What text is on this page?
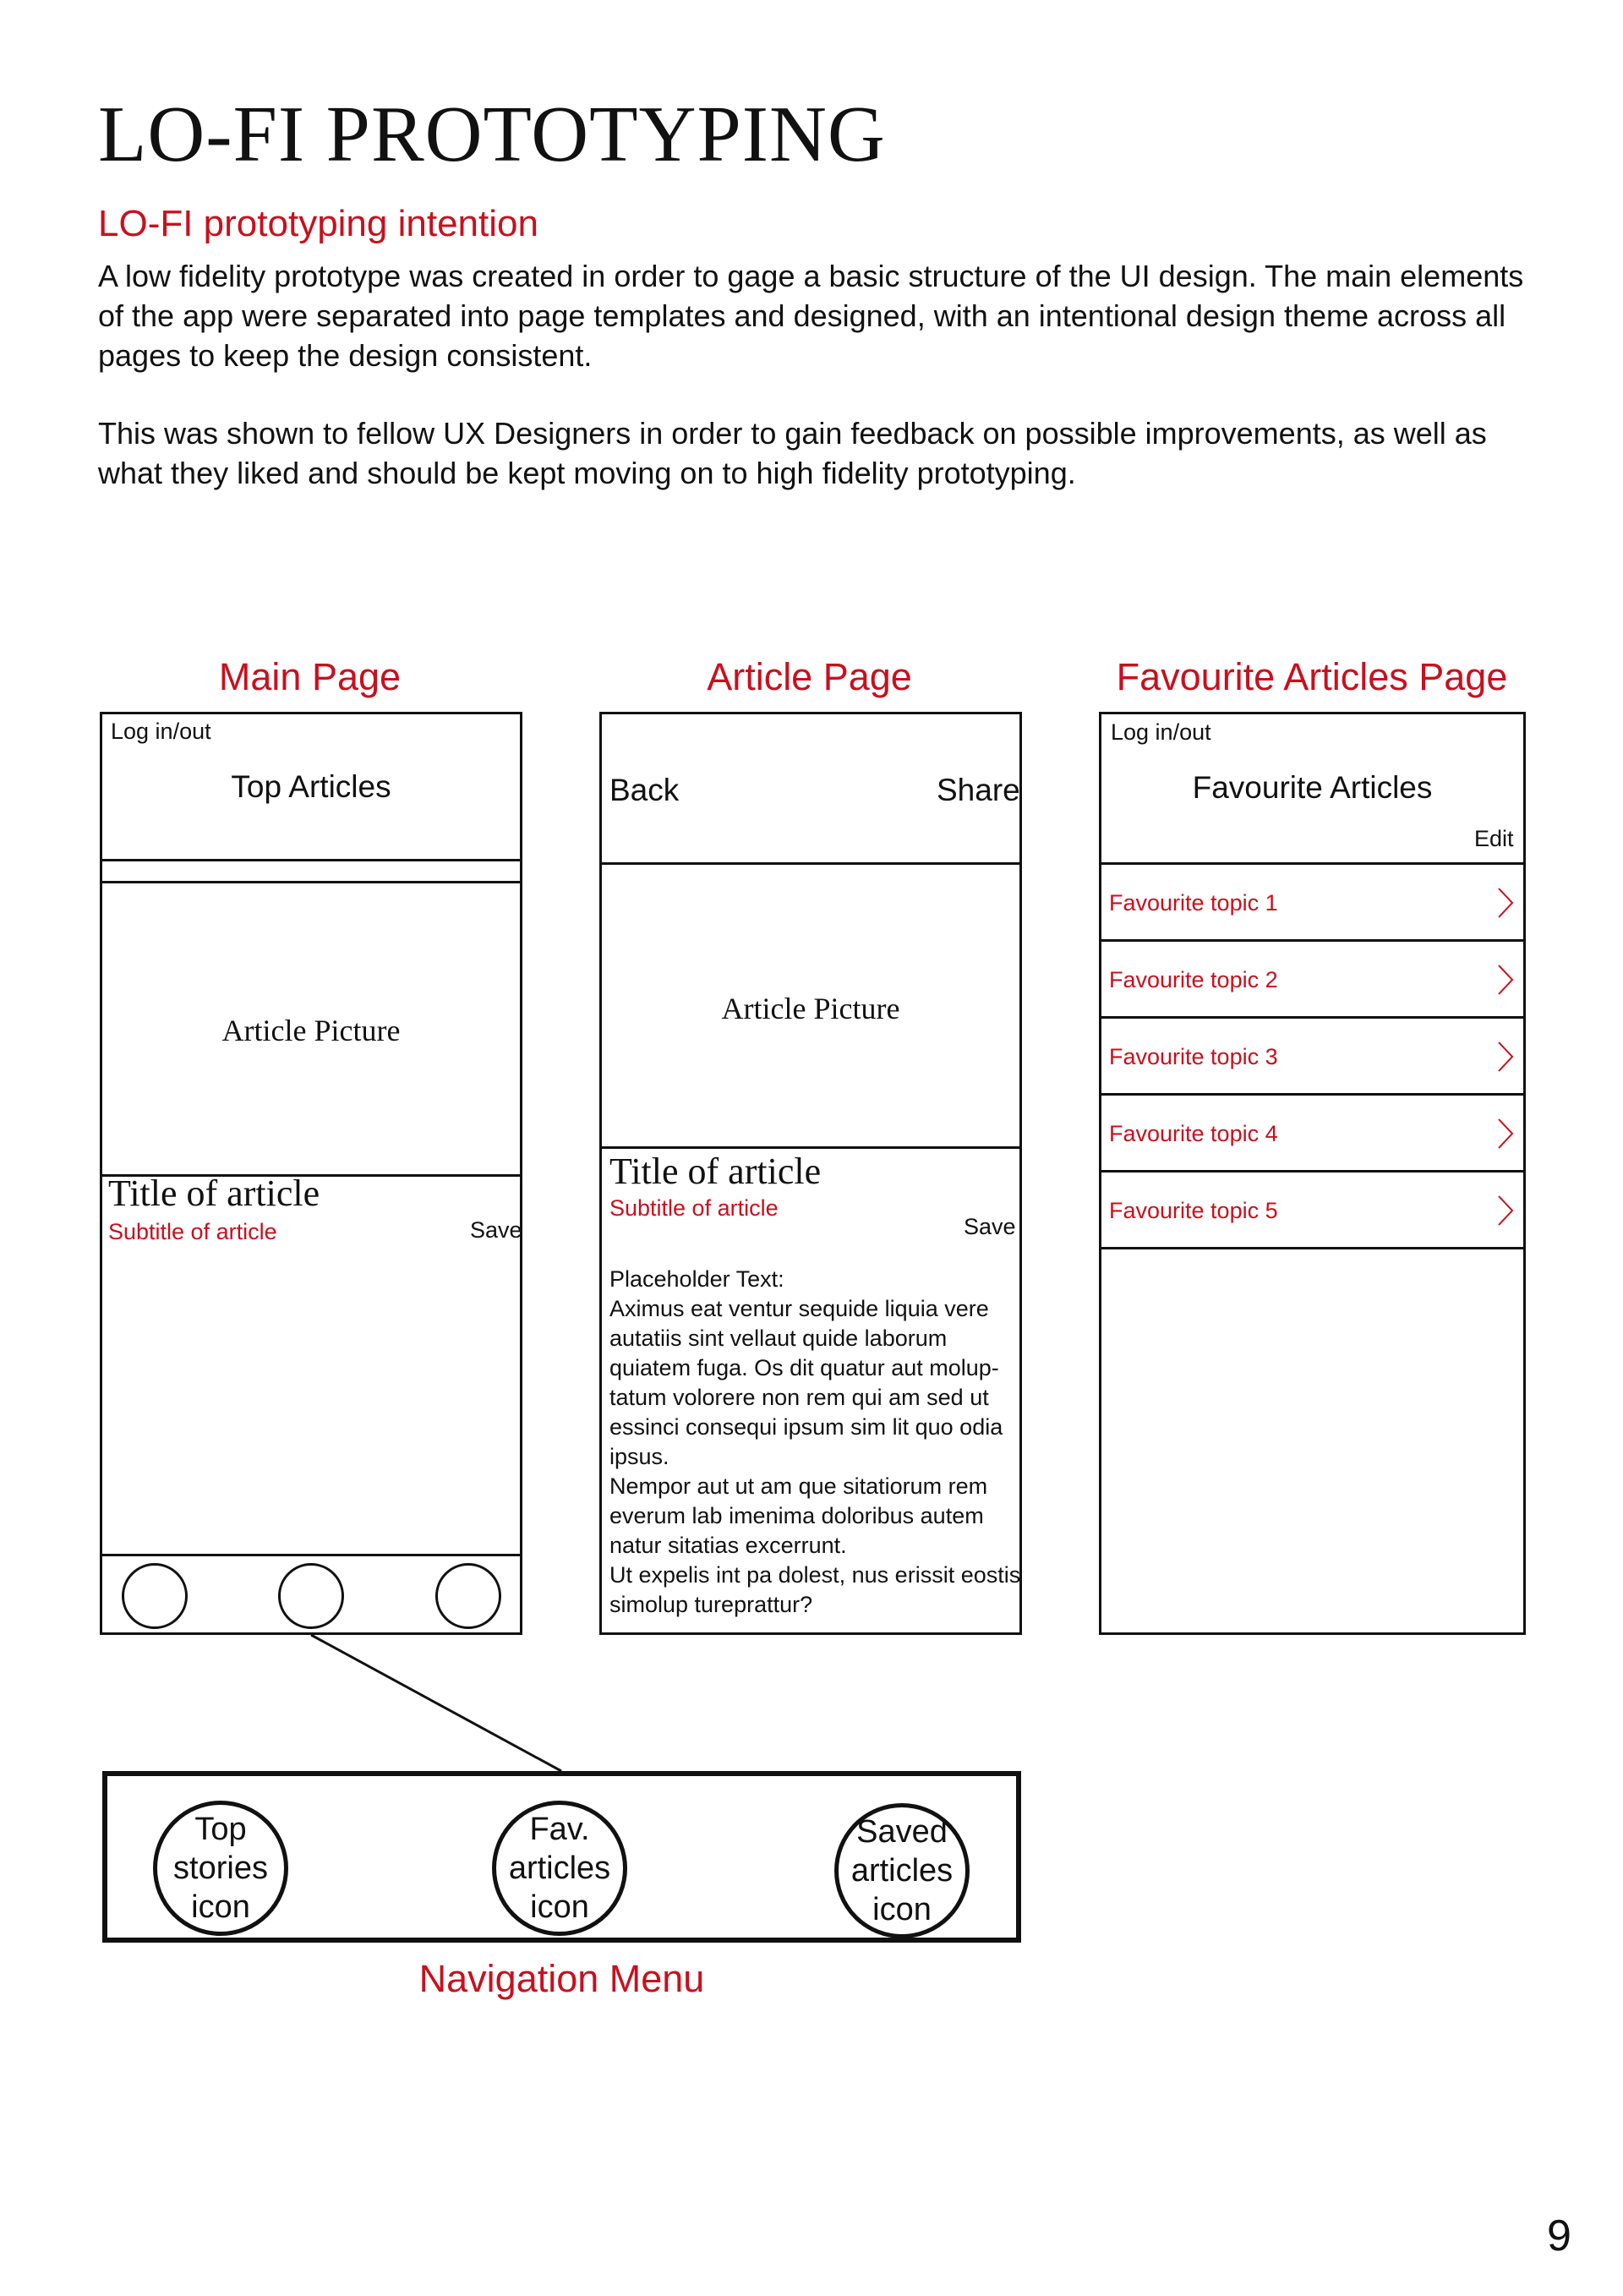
LO-FI PROTOTYPING
LO-FI prototyping intention
A low fidelity prototype was created in order to gage a basic structure of the UI design. The main elements of the app were separated into page templates and designed, with an intentional design theme across all pages to keep the design consistent.
This was shown to fellow UX Designers in order to gain feedback on possible improvements, as well as what they liked and should be kept moving on to high fidelity prototyping.
Main Page	Article Page	Favourite Articles Page
Log in/out
Top Articles
Article Picture
Title of article
Subtitle of article	Save
Back	Share
Article Picture
Title of article
Subtitle of article
Save
Placeholder Text:
Aximus eat ventur sequide liquia vere
autatiis sint vellaut quide laborum
quiatem fuga. Os dit quatur aut molup-
tatum volorere non rem qui am sed ut
essinci consequi ipsum sim lit quo odia
ipsus.
Nempor aut ut am que sitatiorum rem
everum lab imenima doloribus autem
natur sitatias excerrunt.
Ut expelis int pa dolest, nus erissit eostis
simolup tureprattur?
Log in/out
Favourite Articles
Edit
Favourite topic 1
Favourite topic 2
Favourite topic 3
Favourite topic 4
Favourite topic 5
Top stories icon
Fav. articles icon
Saved articles icon
Navigation Menu
9
